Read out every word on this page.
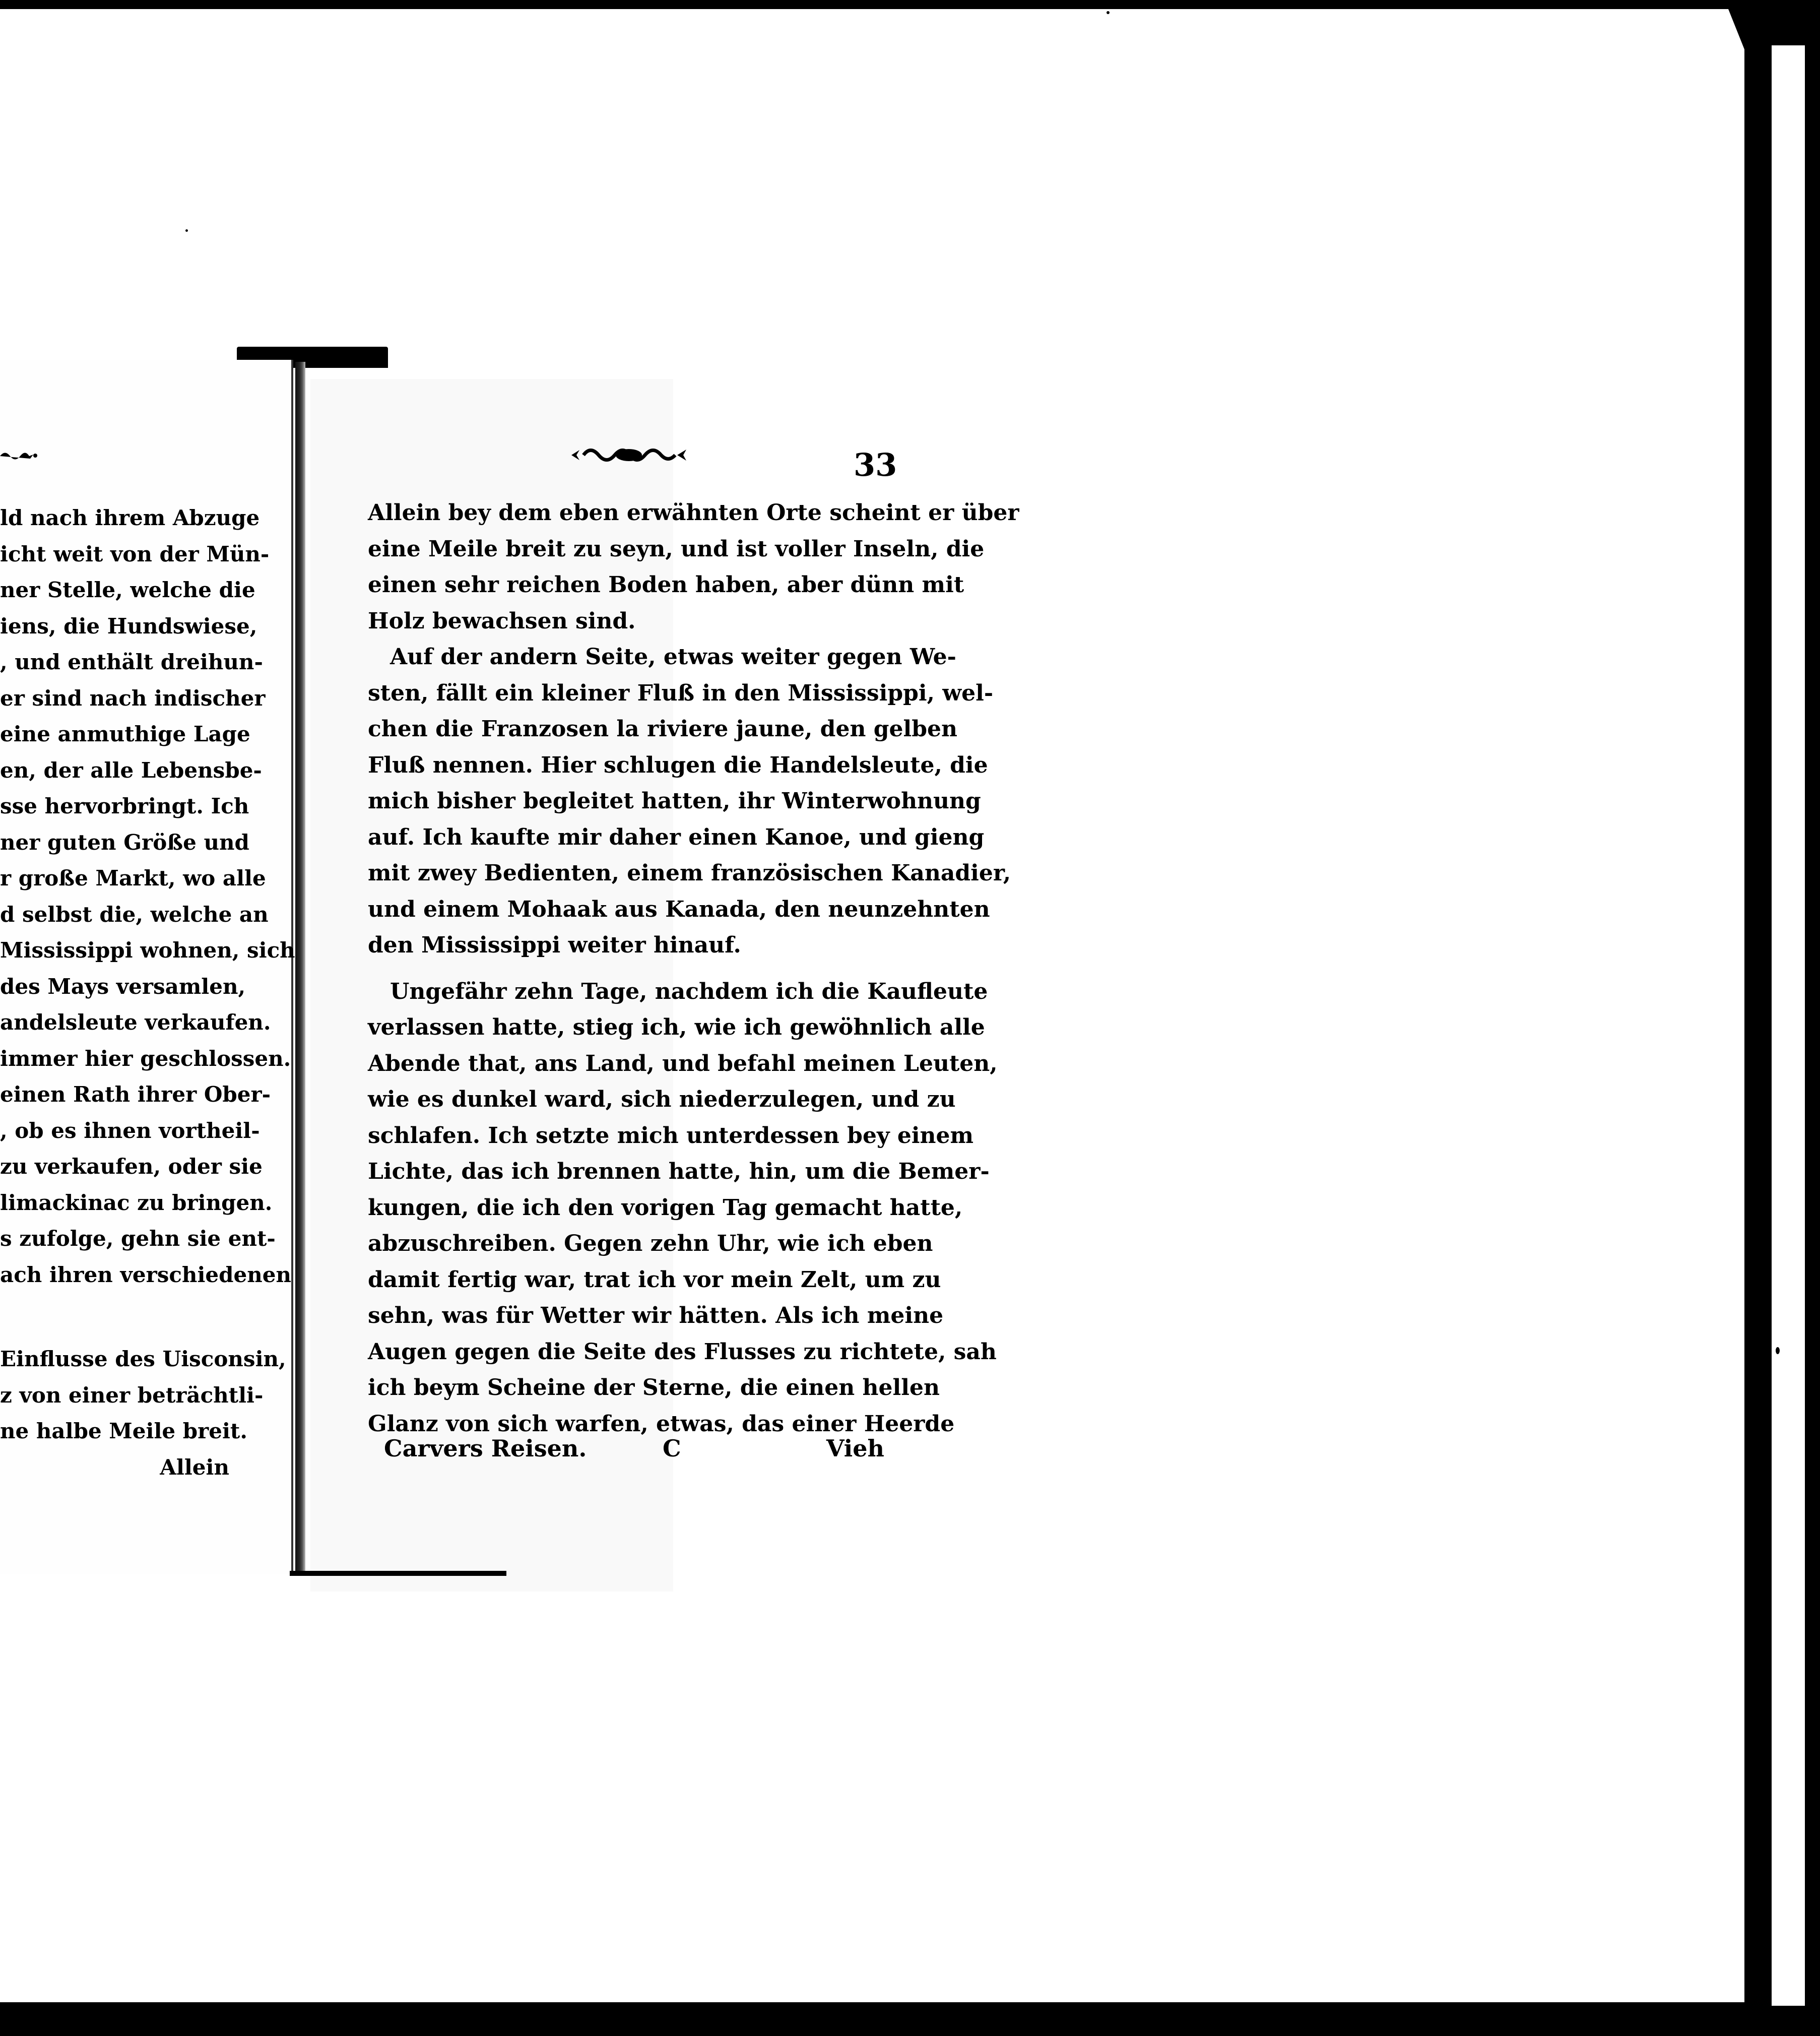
33
ld nach ihrem Abzuge
icht weit von der Mün-
ner Stelle, welche die
iens, die Hundswiese,
, und enthält dreihun-
er sind nach indischer
eine anmuthige Lage
en, der alle Lebensbe-
sse hervorbringt. Ich
ner guten Größe und
r große Markt, wo alle
d selbst die, welche an
Mississippi wohnen, sich
des Mays versamlen,
andelsleute verkaufen.
immer hier geschlossen.
einen Rath ihrer Ober-
, ob es ihnen vortheil-
zu verkaufen, oder sie
limackinac zu bringen.
s zufolge, gehn sie ent-
ach ihren verschiedenen
Einflusse des Uisconsin,
z von einer beträchtli-
ne halbe Meile breit.
Allein
Allein bey dem eben erwähnten Orte scheint er über
eine Meile breit zu seyn, und ist voller Inseln, die
einen sehr reichen Boden haben, aber dünn mit
Holz bewachsen sind.
Auf der andern Seite, etwas weiter gegen We-
sten, fällt ein kleiner Fluß in den Mississippi, wel-
chen die Franzosen la riviere jaune, den gelben
Fluß nennen. Hier schlugen die Handelsleute, die
mich bisher begleitet hatten, ihr Winterwohnung
auf. Ich kaufte mir daher einen Kanoe, und gieng
mit zwey Bedienten, einem französischen Kanadier,
und einem Mohaak aus Kanada, den neunzehnten
den Mississippi weiter hinauf.
Ungefähr zehn Tage, nachdem ich die Kaufleute
verlassen hatte, stieg ich, wie ich gewöhnlich alle
Abende that, ans Land, und befahl meinen Leuten,
wie es dunkel ward, sich niederzulegen, und zu
schlafen. Ich setzte mich unterdessen bey einem
Lichte, das ich brennen hatte, hin, um die Bemer-
kungen, die ich den vorigen Tag gemacht hatte,
abzuschreiben. Gegen zehn Uhr, wie ich eben
damit fertig war, trat ich vor mein Zelt, um zu
sehn, was für Wetter wir hätten. Als ich meine
Augen gegen die Seite des Flusses zu richtete, sah
ich beym Scheine der Sterne, die einen hellen
Glanz von sich warfen, etwas, das einer Heerde
Carvers Reisen.	C	Vieh
